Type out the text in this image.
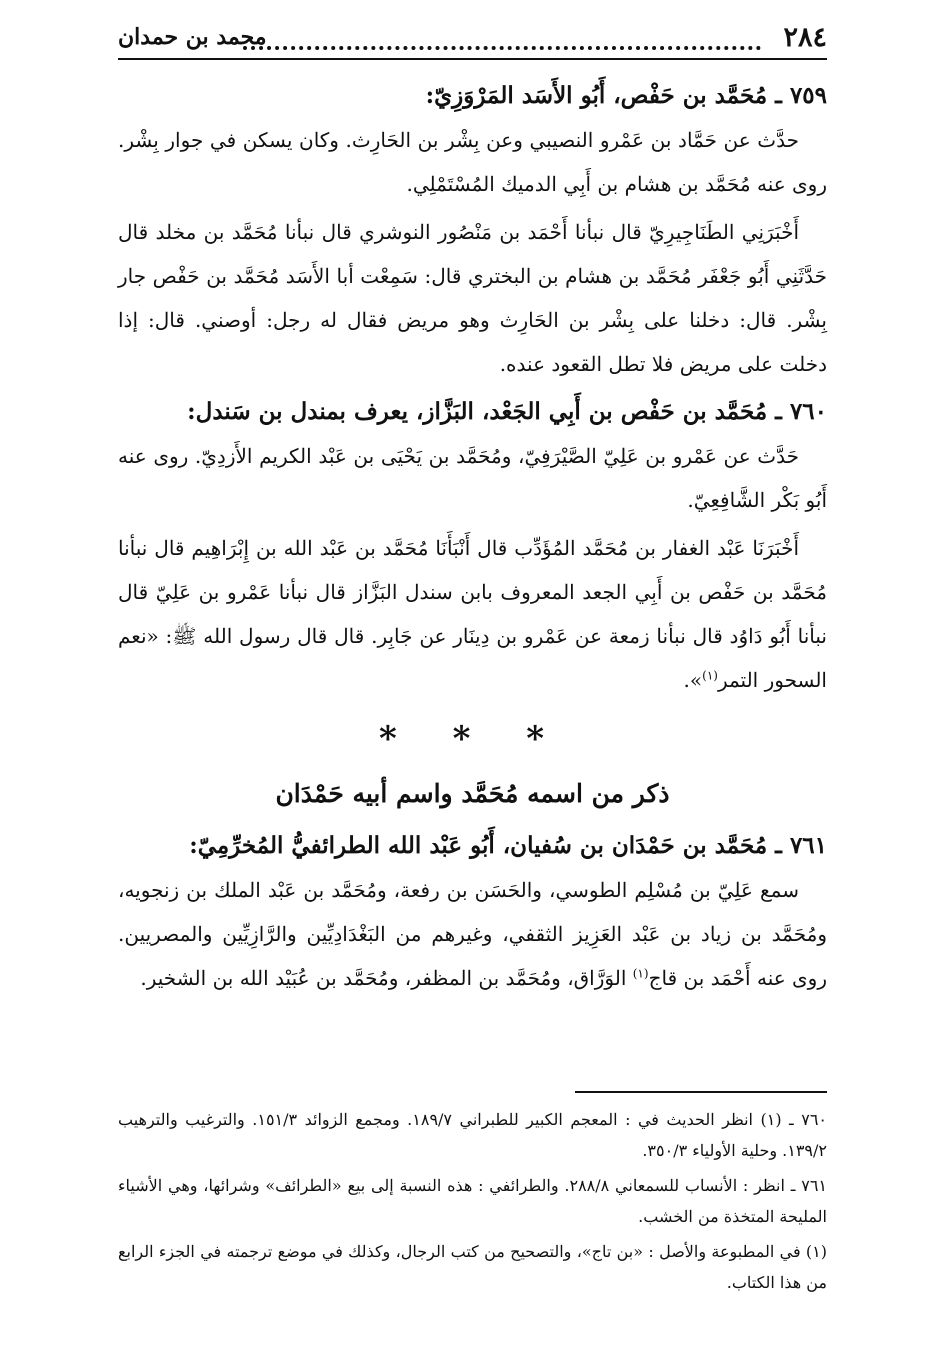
٢٨٤
محمد بن حمدان
٧٥٩ ـ مُحَمَّد بن حَفْص، أَبُو الأَسَد المَرْوَزِيّ:

حدَّث عن حَمَّاد بن عَمْرو النصيبي وعن بِشْر بن الحَارِث. وكان يسكن في جوار بِشْر. روى عنه مُحَمَّد بن هشام بن أَبِي الدميك المُسْتَمْلِي.

أَخْبَرَنِي الطَنَاجِيرِيّ قال نبأنا أَحْمَد بن مَنْصُور النوشري قال نبأنا مُحَمَّد بن مخلد قال حَدَّثَنِي أَبُو جَعْفَر مُحَمَّد بن هشام بن البختري قال: سَمِعْت أبا الأَسَد مُحَمَّد بن حَفْص جار بِشْر. قال: دخلنا على بِشْر بن الحَارِث وهو مريض فقال له رجل: أوصني. قال: إذا دخلت على مريض فلا تطل القعود عنده.

٧٦٠ ـ مُحَمَّد بن حَفْص بن أَبِي الجَعْد، البَزَّاز، يعرف بمندل بن سَندل:

حَدَّث عن عَمْرو بن عَلِيّ الصَّيْرَفِيّ، ومُحَمَّد بن يَحْيَى بن عَبْد الكريم الأَزدِيّ. روى عنه أَبُو بَكْر الشَّافِعِيّ.

أَخْبَرَنَا عَبْد الغفار بن مُحَمَّد المُؤَدِّب قال أَنْبَأَنَا مُحَمَّد بن عَبْد الله بن إِبْرَاهِيم قال نبأنا مُحَمَّد بن حَفْص بن أَبِي الجعد المعروف بابن سندل البَزَّاز قال نبأنا عَمْرو بن عَلِيّ قال نبأنا أَبُو دَاوُد قال نبأنا زمعة عن عَمْرو بن دِينَار عن جَابِر. قال قال رسول الله ﷺ: «نعم السحور التمر$^{(١)}$».

* * *
ذكر من اسمه مُحَمَّد واسم أبيه حَمْدَان
٧٦١ ـ مُحَمَّد بن حَمْدَان بن سُفيان، أَبُو عَبْد الله الطرائفيُّ المُخرِّمِيّ:

سمع عَلِيّ بن مُسْلِم الطوسي، والحَسَن بن رفعة، ومُحَمَّد بن عَبْد الملك بن زنجويه، ومُحَمَّد بن زياد بن عَبْد العَزِيز الثقفي، وغيرهم من البَغْدَادِيِّين والرَّازِيِّين والمصريين. روى عنه أَحْمَد بن قاج$^{(١)}$ الوَرَّاق، ومُحَمَّد بن المظفر، ومُحَمَّد بن عُبَيْد الله بن الشخير.

٧٦٠ ـ (١) انظر الحديث في : المعجم الكبير للطبراني ١٨٩/٧. ومجمع الزوائد ١٥١/٣. والترغيب والترهيب ١٣٩/٢. وحلية الأولياء ٣٥٠/٣.

٧٦١ ـ انظر : الأنساب للسمعاني ٢٨٨/٨. والطرائفي : هذه النسبة إلى بيع «الطرائف» وشرائها، وهي الأشياء المليحة المتخذة من الخشب.

(١) في المطبوعة والأصل : «بن تاج»، والتصحيح من كتب الرجال، وكذلك في موضع ترجمته في الجزء الرابع من هذا الكتاب.
